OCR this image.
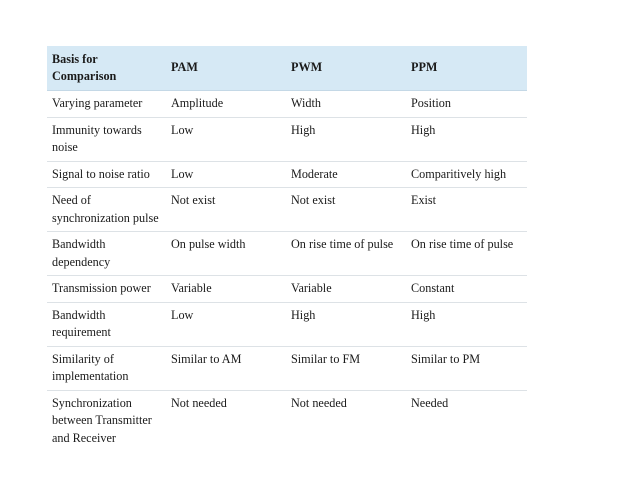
Basis for Comparison	PAM	PWM	PPM
Varying parameter	Amplitude	Width	Position
Immunity towards noise	Low	High	High
Signal to noise ratio	Low	Moderate	Comparitively high
Need of synchronization pulse	Not exist	Not exist	Exist
Bandwidth dependency	On pulse width	On rise time of pulse	On rise time of pulse
Transmission power	Variable	Variable	Constant
Bandwidth requirement	Low	High	High
Similarity of implementation	Similar to AM	Similar to FM	Similar to PM
Synchronization between Transmitter and Receiver	Not needed	Not needed	Needed
